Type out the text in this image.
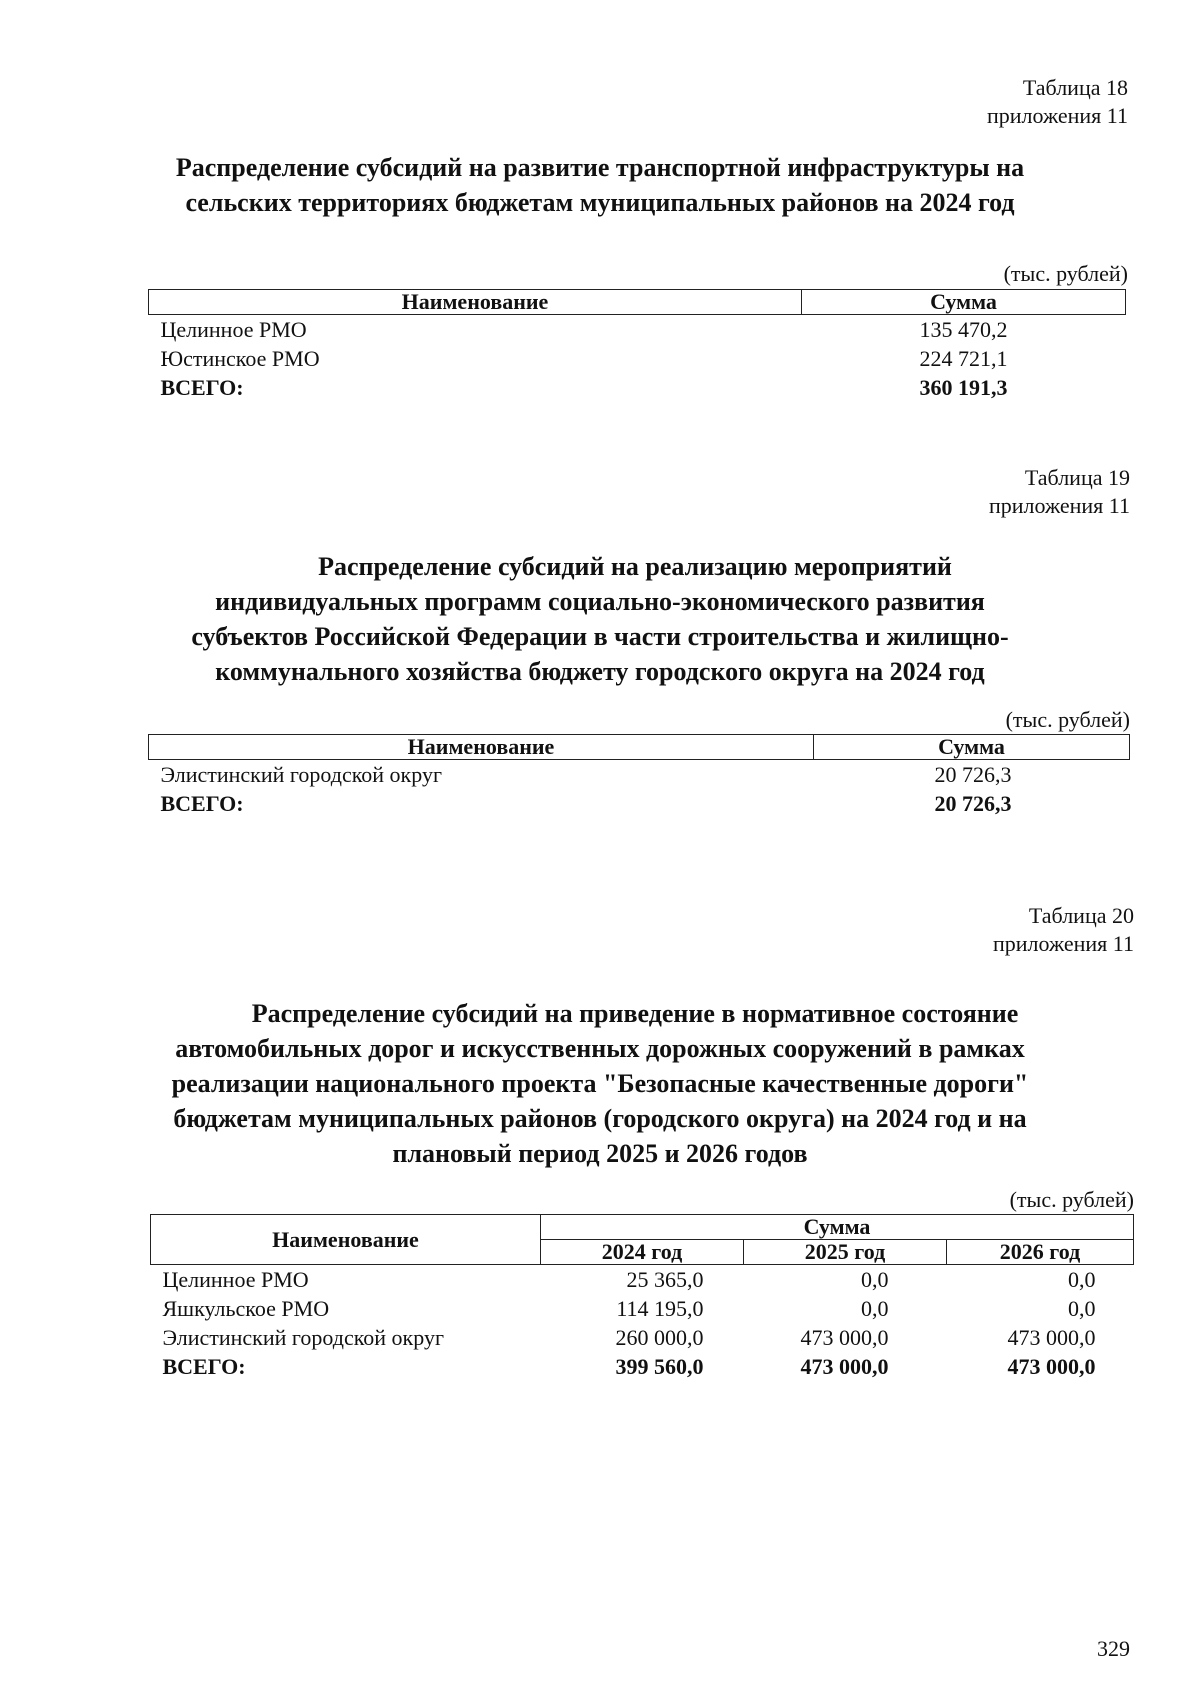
Таблица 18
приложения 11
Распределение субсидий на развитие транспортной инфраструктуры на
сельских территориях бюджетам муниципальных районов на 2024 год
(тыс. рублей)
Наименование	Сумма
Целинное РМО	135 470,2
Юстинское РМО	224 721,1
ВСЕГО:	360 191,3
Таблица 19
приложения 11
Распределение субсидий на реализацию мероприятий
индивидуальных программ социально-экономического развития
субъектов Российской Федерации в части строительства и жилищно-
коммунального хозяйства бюджету городского округа на 2024 год
(тыс. рублей)
Наименование	Сумма
Элистинский городской округ	20 726,3
ВСЕГО:	20 726,3
Таблица 20
приложения 11
Распределение субсидий на приведение в нормативное состояние
автомобильных дорог и искусственных дорожных сооружений в рамках
реализации национального проекта "Безопасные качественные дороги"
бюджетам муниципальных районов (городского округа) на 2024 год и на
плановый период 2025 и 2026 годов
(тыс. рублей)
Наименование	Сумма		
	2024 год	2025 год	2026 год
Целинное РМО	25 365,0	0,0	0,0
Яшкульское РМО	114 195,0	0,0	0,0
Элистинский городской округ	260 000,0	473 000,0	473 000,0
ВСЕГО:	399 560,0	473 000,0	473 000,0
329
